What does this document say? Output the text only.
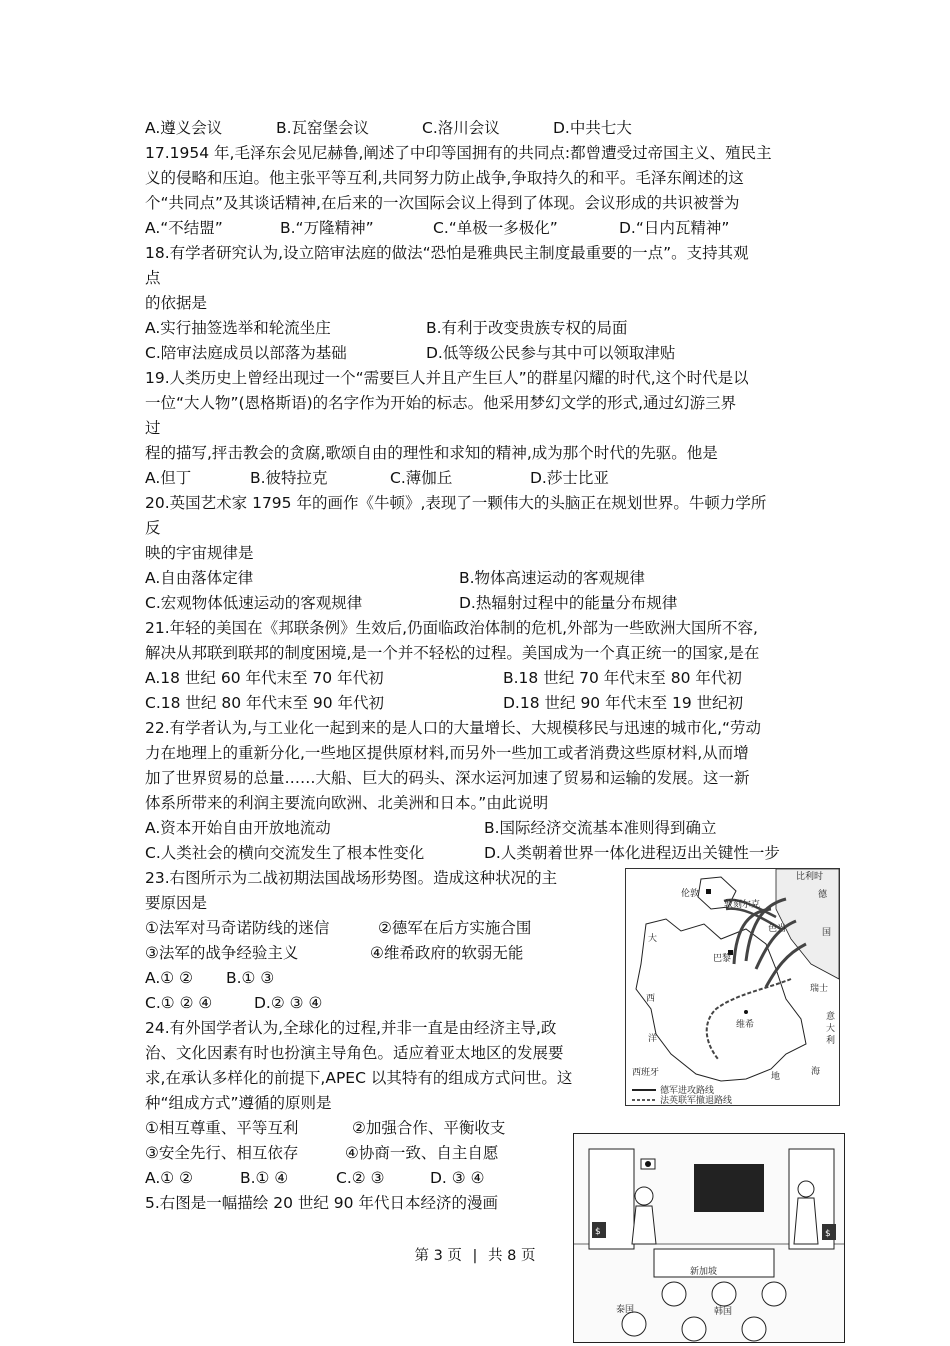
A.遵义会议	B.瓦窑堡会议	C.洛川会议	D.中共七大
17.1954 年,毛泽东会见尼赫鲁,阐述了中印等国拥有的共同点:都曾遭受过帝国主义、殖民主
义的侵略和压迫。他主张平等互利,共同努力防止战争,争取持久的和平。毛泽东阐述的这
个“共同点”及其谈话精神,在后来的一次国际会议上得到了体现。会议形成的共识被誉为
A.“不结盟”	B.“万隆精神”	C.“单极一多极化”	D.“日内瓦精神”
18.有学者研究认为,设立陪审法庭的做法“恐怕是雅典民主制度最重要的一点”。支持其观
点
的依据是
A.实行抽签选举和轮流坐庄	B.有利于改变贵族专权的局面
C.陪审法庭成员以部落为基础	D.低等级公民参与其中可以领取津贴
19.人类历史上曾经出现过一个“需要巨人并且产生巨人”的群星闪耀的时代,这个时代是以
一位“大人物”(恩格斯语)的名字作为开始的标志。他采用梦幻文学的形式,通过幻游三界
过
程的描写,抨击教会的贪腐,歌颂自由的理性和求知的精神,成为那个时代的先驱。他是
A.但丁	B.彼特拉克	C.薄伽丘	D.莎士比亚
20.英国艺术家 1795 年的画作《牛顿》,表现了一颗伟大的头脑正在规划世界。牛顿力学所
反
映的宇宙规律是
A.自由落体定律	B.物体高速运动的客观规律
C.宏观物体低速运动的客观规律	D.热辐射过程中的能量分布规律
21.年轻的美国在《邦联条例》生效后,仍面临政治体制的危机,外部为一些欧洲大国所不容,
解决从邦联到联邦的制度困境,是一个并不轻松的过程。美国成为一个真正统一的国家,是在
A.18 世纪 60 年代末至 70 年代初	B.18 世纪 70 年代末至 80 年代初
C.18 世纪 80 年代末至 90 年代初	D.18 世纪 90 年代末至 19 世纪初
22.有学者认为,与工业化一起到来的是人口的大量增长、大规模移民与迅速的城市化,“劳动
力在地理上的重新分化,一些地区提供原材料,而另外一些加工或者消费这些原材料,从而增
加了世界贸易的总量……大船、巨大的码头、深水运河加速了贸易和运输的发展。这一新
体系所带来的利润主要流向欧洲、北美洲和日本。”由此说明
A.资本开始自由开放地流动	B.国际经济交流基本准则得到确立
C.人类社会的横向交流发生了根本性变化	D.人类朝着世界一体化进程迈出关键性一步
23.右图所示为二战初期法国战场形势图。造成这种状况的主
要原因是
①法军对马奇诺防线的迷信	②德军在后方实施合围
③法军的战争经验主义	④维希政府的软弱无能
A.① ② B.① ③
C.① ② ④	D.② ③ ④
24.有外国学者认为,全球化的过程,并非一直是由经济主导,政
治、文化因素有时也扮演主导角色。适应着亚太地区的发展要
求,在承认多样化的前提下,APEC 以其特有的组成方式问世。这
种“组成方式”遵循的原则是
①相互尊重、平等互利	②加强合作、平衡收支
③安全先行、相互依存	④协商一致、自主自愿
A.① ②	B.① ④	C.② ③	D. ③ ④
5.右图是一幅描绘 20 世纪 90 年代日本经济的漫画
伦敦
敦刻尔克
色当
巴黎
维希
大
西
洋
西班牙
瑞士
意
大
利
地	海
德
国
比利时
德军进攻路线
法英联军撤退路线
$	$
新加坡
韩国
泰国
第 3 页 | 共 8 页
